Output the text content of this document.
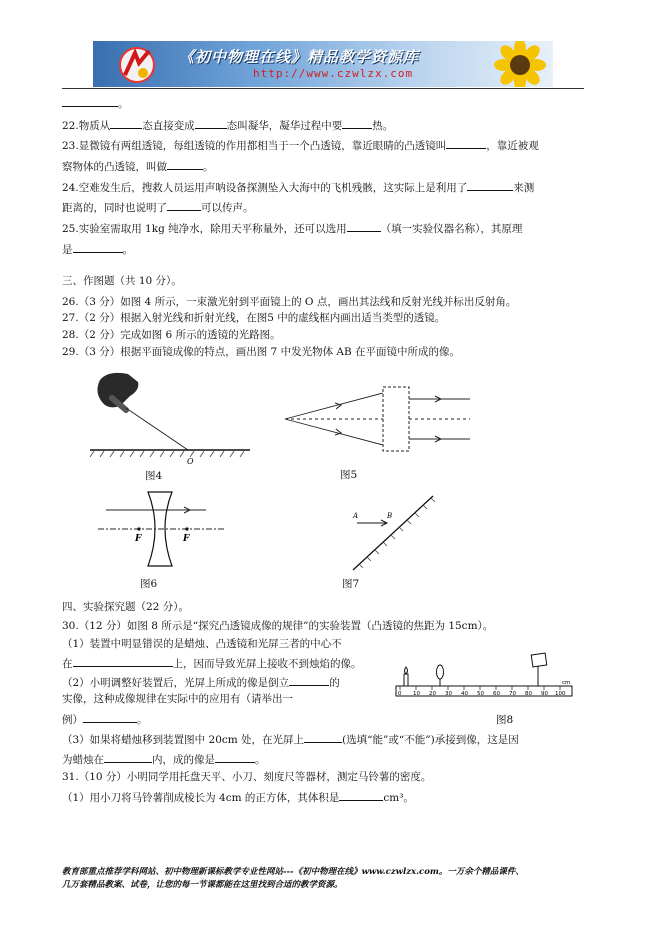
《初中物理在线》精品教学资源库
http://www.czwlzx.com
。
22.物质从	态直接变成	态叫凝华，凝华过程中要	热。
23.显微镜有两组透镜，每组透镜的作用都相当于一个凸透镜，靠近眼睛的凸透镜叫	，靠近被观
察物体的凸透镜，叫做	。
24.空难发生后，搜救人员运用声呐设备探测坠入大海中的飞机残骸，这实际上是利用了	来测
距离的，同时也说明了	可以传声。
25.实验室需取用 1kg 纯净水，除用天平称量外，还可以选用	（填一实验仪器名称），其原理
是	。
三、作图题（共 10 分）。
26.（3 分）如图 4 所示，一束激光射到平面镜上的 O 点，画出其法线和反射光线并标出反射角。
27.（2 分）根据入射光线和折射光线，在图5 中的虚线框内画出适当类型的透镜。
28.（2 分）完成如图 6 所示的透镜的光路图。
29.（3 分）根据平面镜成像的特点，画出图 7 中发光物体 AB 在平面镜中所成的像。
O
图4	图5
F	F
图6
A	B
图7
四、实验探究题（22 分）。
30.（12 分）如图 8 所示是“探究凸透镜成像的规律”的实验装置（凸透镜的焦距为 15cm）。
（1）装置中明显错误的是蜡烛、凸透镜和光屏三者的中心不
在	上，因而导致光屏上接收不到烛焰的像。
（2）小明调整好装置后，光屏上所成的像是倒立	的
实像，这种成像规律在实际中的应用有（请举出一
例）	。
0 10 20 30 40 50 60 70 80 90 100
cm
图8
（3）如果将蜡烛移到装置图中 20cm 处，在光屏上	(选填“能”或“不能”)承接到像，这是因
为蜡烛在	内，成的像是	。
31.（10 分）小明同学用托盘天平、小刀、刻度尺等器材，测定马铃薯的密度。
（1）用小刀将马铃薯削成棱长为 4cm 的正方体，其体积是	cm³。
教育部重点推荐学科网站、初中物理新课标教学专业性网站---《初中物理在线》www.czwlzx.com。一万余个精品课件、
几万套精品教案、试卷，让您的每一节课都能在这里找到合适的教学资源。
